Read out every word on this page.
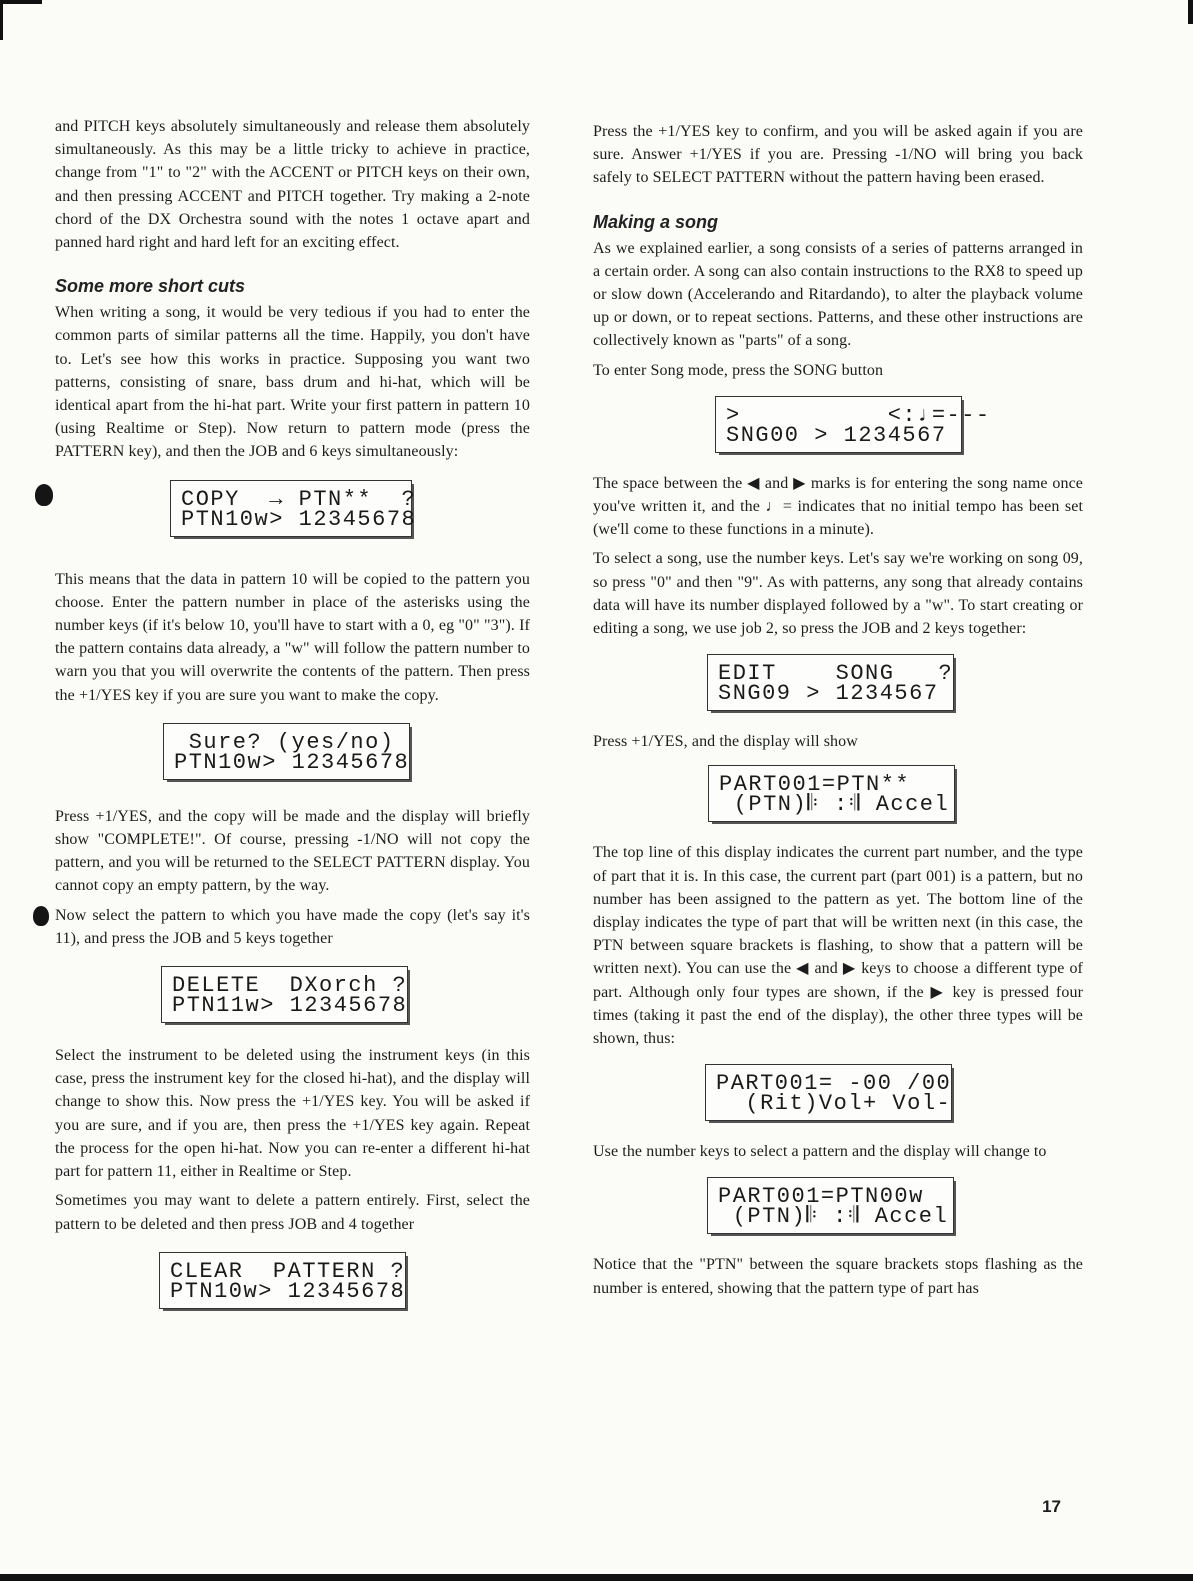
and PITCH keys absolutely simultaneously and release them absolutely simultaneously. As this may be a little tricky to achieve in practice, change from "1" to "2" with the ACCENT or PITCH keys on their own, and then pressing ACCENT and PITCH together. Try making a 2-note chord of the DX Orchestra sound with the notes 1 octave apart and panned hard right and hard left for an exciting effect.

Some more short cuts

When writing a song, it would be very tedious if you had to enter the common parts of similar patterns all the time. Happily, you don't have to. Let's see how this works in practice. Supposing you want two patterns, consisting of snare, bass drum and hi-hat, which will be identical apart from the hi-hat part. Write your first pattern in pattern 10 (using Realtime or Step). Now return to pattern mode (press the PATTERN key), and then the JOB and 6 keys simultaneously:

COPY  → PTN**  ?
PTN10w> 12345678

This means that the data in pattern 10 will be copied to the pattern you choose. Enter the pattern number in place of the asterisks using the number keys (if it's below 10, you'll have to start with a 0, eg "0" "3"). If the pattern contains data already, a "w" will follow the pattern number to warn you that you will overwrite the contents of the pattern. Then press the +1/YES key if you are sure you want to make the copy.

Sure? (yes/no)
PTN10w> 12345678

Press +1/YES, and the copy will be made and the display will briefly show "COMPLETE!". Of course, pressing -1/NO will not copy the pattern, and you will be returned to the SELECT PATTERN display. You cannot copy an empty pattern, by the way.

Now select the pattern to which you have made the copy (let's say it's 11), and press the JOB and 5 keys together

DELETE  DXorch ?
PTN11w> 12345678

Select the instrument to be deleted using the instrument keys (in this case, press the instrument key for the closed hi-hat), and the display will change to show this. Now press the +1/YES key. You will be asked if you are sure, and if you are, then press the +1/YES key again. Repeat the process for the open hi-hat. Now you can re-enter a different hi-hat part for pattern 11, either in Realtime or Step.

Sometimes you may want to delete a pattern entirely. First, select the pattern to be deleted and then press JOB and 4 together

CLEAR  PATTERN ?
PTN10w> 12345678

Press the +1/YES key to confirm, and you will be asked again if you are sure. Answer +1/YES if you are. Pressing -1/NO will bring you back safely to SELECT PATTERN without the pattern having been erased.

Making a song

As we explained earlier, a song consists of a series of patterns arranged in a certain order. A song can also contain instructions to the RX8 to speed up or slow down (Accelerando and Ritardando), to alter the playback volume up or down, or to repeat sections. Patterns, and these other instructions are collectively known as "parts" of a song.

To enter Song mode, press the SONG button

>          <:♩=---
SNG00 > 1234567

The space between the ◀ and ▶ marks is for entering the song name once you've written it, and the ♩= indicates that no initial tempo has been set (we'll come to these functions in a minute).

To select a song, use the number keys. Let's say we're working on song 09, so press "0" and then "9". As with patterns, any song that already contains data will have its number displayed followed by a "w". To start creating or editing a song, we use job 2, so press the JOB and 2 keys together:

EDIT    SONG   ?
SNG09 > 1234567

Press +1/YES, and the display will show

PART001=PTN**
(PTN)𝄆 :𝄇 Accel

The top line of this display indicates the current part number, and the type of part that it is. In this case, the current part (part 001) is a pattern, but no number has been assigned to the pattern as yet. The bottom line of the display indicates the type of part that will be written next (in this case, the PTN between square brackets is flashing, to show that a pattern will be written next). You can use the ◀ and ▶ keys to choose a different type of part. Although only four types are shown, if the ▶ key is pressed four times (taking it past the end of the display), the other three types will be shown, thus:

PART001= -00 /00
(Rit)Vol+ Vol-

Use the number keys to select a pattern and the display will change to

PART001=PTN00w
(PTN)𝄆 :𝄇 Accel

Notice that the "PTN" between the square brackets stops flashing as the number is entered, showing that the pattern type of part has

17
